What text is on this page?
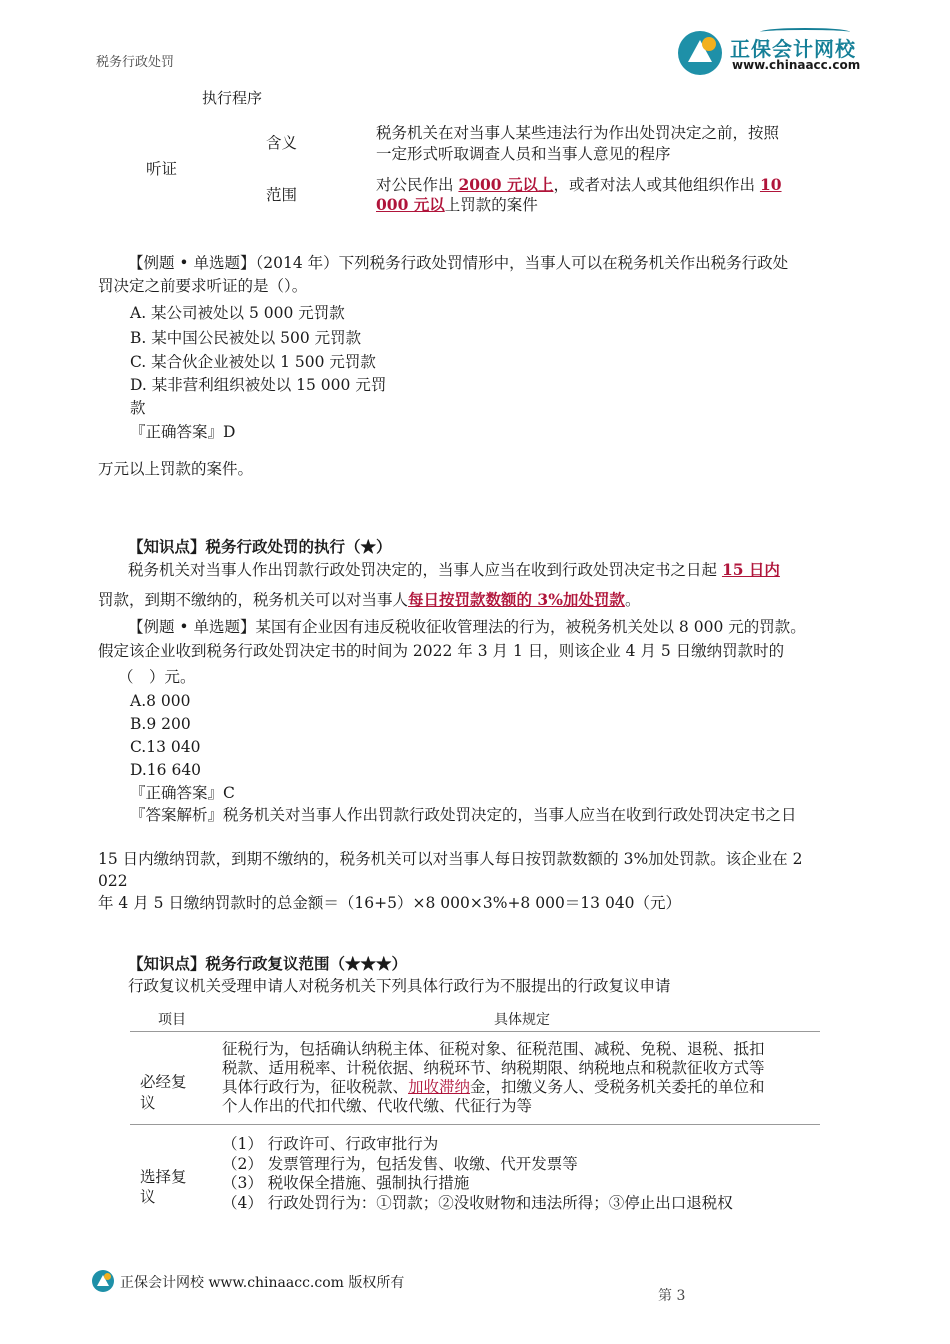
税务行政处罚
正保会计网校
www.chinaacc.com
执行程序
听证
含义
税务机关在对当事人某些违法行为作出处罚决定之前，按照
一定形式听取调查人员和当事人意见的程序
范围
对公民作出 2000 元以上，或者对法人或其他组织作出 10
000 元以上罚款的案件
【例题 • 单选题】（2014 年）下列税务行政处罚情形中，当事人可以在税务机关作出税务行政处
罚决定之前要求听证的是（）。
A. 某公司被处以 5 000 元罚款
B. 某中国公民被处以 500 元罚款
C. 某合伙企业被处以 1 500 元罚款
D. 某非营利组织被处以 15 000 元罚
款
『正确答案』D
万元以上罚款的案件。
【知识点】税务行政处罚的执行（★）
税务机关对当事人作出罚款行政处罚决定的，当事人应当在收到行政处罚决定书之日起 15 日内
罚款，到期不缴纳的，税务机关可以对当事人每日按罚款数额的 3%加处罚款。
【例题 • 单选题】某国有企业因有违反税收征收管理法的行为，被税务机关处以 8 000 元的罚款。
假定该企业收到税务行政处罚决定书的时间为 2022 年 3 月 1 日，则该企业 4 月 5 日缴纳罚款时的
（　）元。
A.8 000
B.9 200
C.13 040
D.16 640
『正确答案』C
『答案解析』税务机关对当事人作出罚款行政处罚决定的，当事人应当在收到行政处罚决定书之日
15 日内缴纳罚款，到期不缴纳的，税务机关可以对当事人每日按罚款数额的 3%加处罚款。该企业在 2
022
年 4 月 5 日缴纳罚款时的总金额＝（16+5）×8 000×3%+8 000＝13 040（元）
【知识点】税务行政复议范围（★★★）
行政复议机关受理申请人对税务机关下列具体行政行为不服提出的行政复议申请
项目	具体规定
必经复
议
征税行为，包括确认纳税主体、征税对象、征税范围、减税、免税、退税、抵扣
税款、适用税率、计税依据、纳税环节、纳税期限、纳税地点和税款征收方式等
具体行政行为，征收税款、加收滞纳金，扣缴义务人、受税务机关委托的单位和
个人作出的代扣代缴、代收代缴、代征行为等
选择复
议
（1） 行政许可、行政审批行为
（2） 发票管理行为，包括发售、收缴、代开发票等
（3） 税收保全措施、强制执行措施
（4） 行政处罚行为：①罚款；②没收财物和违法所得；③停止出口退税权
正保会计网校 www.chinaacc.com 版权所有
第 3
